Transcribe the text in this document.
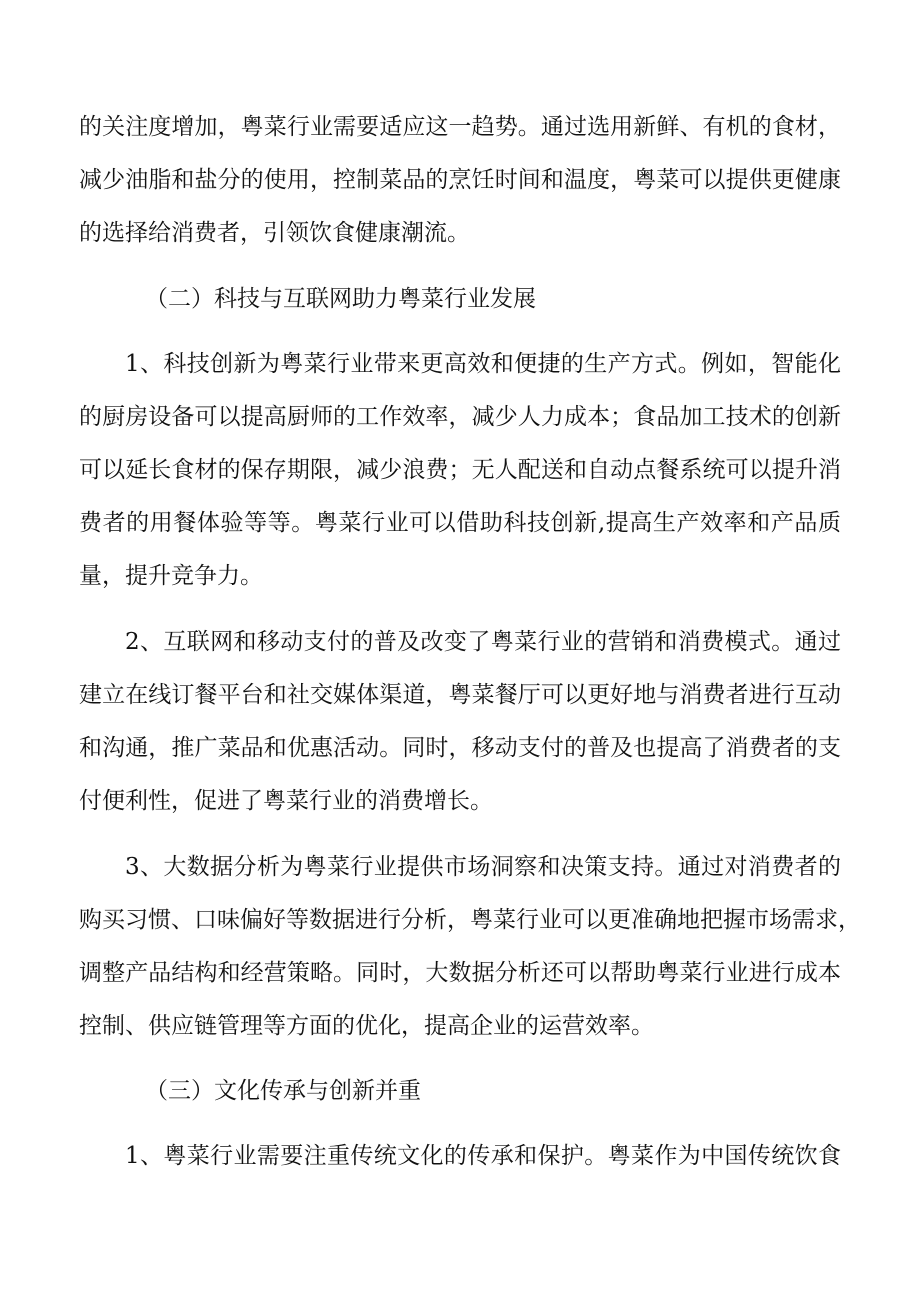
的关注度增加，粤菜行业需要适应这一趋势。通过选用新鲜、有机的食材，
减少油脂和盐分的使用，控制菜品的烹饪时间和温度，粤菜可以提供更健康
的选择给消费者，引领饮食健康潮流。
（二）科技与互联网助力粤菜行业发展
1、科技创新为粤菜行业带来更高效和便捷的生产方式。例如，智能化
的厨房设备可以提高厨师的工作效率，减少人力成本；食品加工技术的创新
可以延长食材的保存期限，减少浪费；无人配送和自动点餐系统可以提升消
费者的用餐体验等等。粤菜行业可以借助科技创新,提高生产效率和产品质
量，提升竞争力。
2、互联网和移动支付的普及改变了粤菜行业的营销和消费模式。通过
建立在线订餐平台和社交媒体渠道，粤菜餐厅可以更好地与消费者进行互动
和沟通，推广菜品和优惠活动。同时，移动支付的普及也提高了消费者的支
付便利性，促进了粤菜行业的消费增长。
3、大数据分析为粤菜行业提供市场洞察和决策支持。通过对消费者的
购买习惯、口味偏好等数据进行分析，粤菜行业可以更准确地把握市场需求，
调整产品结构和经营策略。同时，大数据分析还可以帮助粤菜行业进行成本
控制、供应链管理等方面的优化，提高企业的运营效率。
（三）文化传承与创新并重
1、粤菜行业需要注重传统文化的传承和保护。粤菜作为中国传统饮食
